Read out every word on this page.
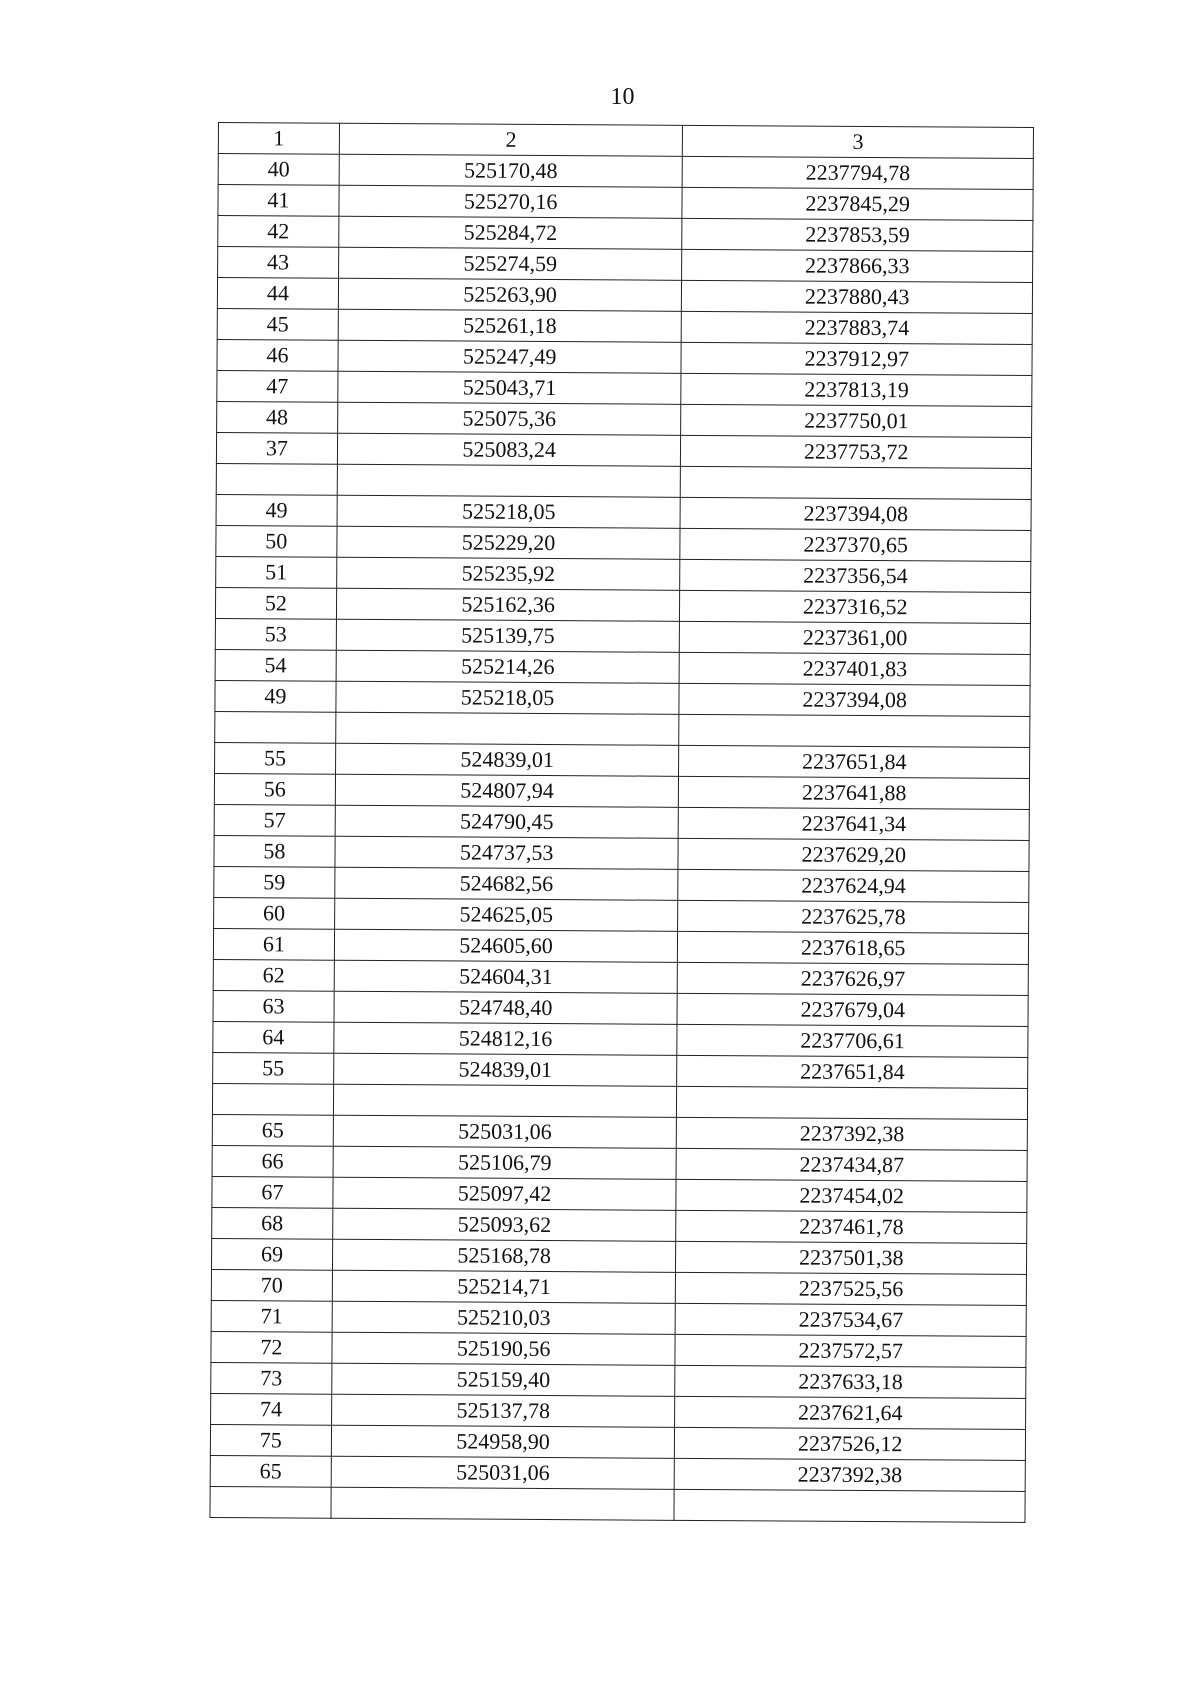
10
1	2	3
40	525170,48	2237794,78
41	525270,16	2237845,29
42	525284,72	2237853,59
43	525274,59	2237866,33
44	525263,90	2237880,43
45	525261,18	2237883,74
46	525247,49	2237912,97
47	525043,71	2237813,19
48	525075,36	2237750,01
37	525083,24	2237753,72

49	525218,05	2237394,08
50	525229,20	2237370,65
51	525235,92	2237356,54
52	525162,36	2237316,52
53	525139,75	2237361,00
54	525214,26	2237401,83
49	525218,05	2237394,08

55	524839,01	2237651,84
56	524807,94	2237641,88
57	524790,45	2237641,34
58	524737,53	2237629,20
59	524682,56	2237624,94
60	524625,05	2237625,78
61	524605,60	2237618,65
62	524604,31	2237626,97
63	524748,40	2237679,04
64	524812,16	2237706,61
55	524839,01	2237651,84

65	525031,06	2237392,38
66	525106,79	2237434,87
67	525097,42	2237454,02
68	525093,62	2237461,78
69	525168,78	2237501,38
70	525214,71	2237525,56
71	525210,03	2237534,67
72	525190,56	2237572,57
73	525159,40	2237633,18
74	525137,78	2237621,64
75	524958,90	2237526,12
65	525031,06	2237392,38
